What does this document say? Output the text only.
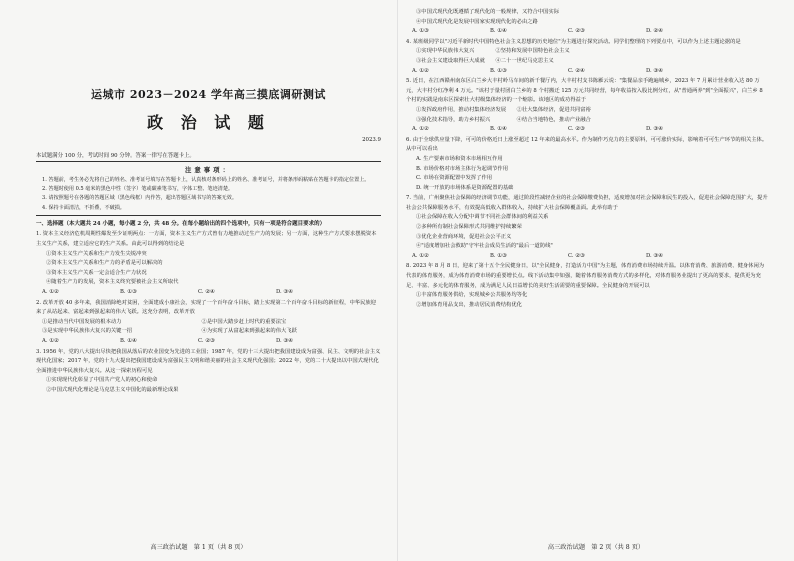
运城市 2023－2024 学年高三摸底调研测试
政 治 试 题
2023.9
本试题满分 100 分，考试时间 90 分钟。答案一律写在答题卡上。
注意事项：
1. 答题前，考生务必先将自己的姓名、准考证号填写在答题卡上，认真核对条形码上的姓名、准考证号，并将条形码粘贴在答题卡的指定位置上。
2. 答题时使用 0.5 毫米的黑色中性（签字）笔或碳素笔书写，字体工整、笔迹清楚。
3. 请按照题号在各题的答题区域（黑色线框）内作答，超出答题区域书写的答案无效。
4. 保持卡面清洁，不折叠，不破损。
一、选择题（本大题共 24 小题，每小题 2 分，共 48 分。在每小题给出的四个选项中，只有一项是符合题目要求的）
1. 资本主义经济危机周期性爆发至少证明两点：一方面，资本主义生产方式曾有力地推动过生产力的发展；另一方面，这种生产方式要求摆脱资本主义生产关系，建立适应它的生产关系。由此可以得到的结论是
①资本主义生产关系和生产力发生尖锐冲突
②资本主义生产关系和生产力的矛盾是可以解决的
③资本主义生产关系一定会适合生产力状况
④随着生产力的发展，资本主义终究要被社会主义所取代
A. ①②	B. ①③	C. ②④	D. ③④
2. 改革开放 40 多年来，我国消除绝对贫困，全面建成小康社会，实现了一个百年奋斗目标，踏上实现第二个百年奋斗目标的新征程，中华民族迎来了从站起来、富起来到强起来的伟大飞跃。这充分表明，改革开放
①是推动当代中国发展的根本动力	②是中国大踏步赶上时代的重要法宝
③是实现中华民族伟大复兴的关键一招	④为实现了从富起来到强起来的伟大飞跃
A. ①②	B. ①④	C. ②③	D. ③④
3. 1956 年，党的八大提出尽快把我国从落后的农业国变为先进的工业国；1987 年，党的十三大提出把我国建设成为富强、民主、文明的社会主义现代化国家；2017 年，党的十九大提出把我国建设成为富强民主文明和谐美丽的社会主义现代化强国；2022 年，党的二十大提出以中国式现代化全面推进中华民族伟大复兴。从这一探索历程可见
①实现现代化彰显了中国共产党人的初心和使命
②中国式现代化理论是马克思主义中国化的最新理论成果
高三政治试题　第 1 页（共 8 页）
③中国式现代化既遵循了现代化的一般规律，又符合中国实际
④中国式现代化是发展中国家实现现代化的必由之路
A. ①③	B. ①④	C. ②③	D. ②④
4. 某班级同学以"习近平新时代中国特色社会主义思想的历史地位"为主题进行探究活动。同学们整理的下列要点中，可以作为上述主题论据的是
①实现中华民族伟大复兴　　　　②坚持和发展中国特色社会主义
③社会主义建设取得巨大成就　　④二十一世纪马克思主义
A. ①②	B. ①③	C. ②④	D. ③④
5. 近日，在江西赣州南东区白兰乡大丰村岭马车间的新千餐厅内，大丰村村支书陈雁云说："集餐品亲手跑遍城乡，2023 年 7 月累计营业收入达 80 万元，大丰村分红净利 4 万元。"该村于量村团白兰乡的 8 个村搬迁 125 万元共同经营，每年收益按入股比例分红，从"普通两养"到"全面振兴"，白兰乡 8 个村的实践是南东区探索壮大村级集体经济的一个缩影。该地区的成功得益于
①发挥政府作用，推动村集体经济发展　　②壮大集体经济，促进共同富裕
③强化技术指导，助力乡村振兴　　　　　④结合当地特色，推动产业融合
A. ①②	B. ①④	C. ②③	D. ③④
6. 由于全球供应量下降，可可的价格近日上涨至超过 12 年来的最高水平。作为制作巧克力的主要原料，可可涨价实际，影响着可可生产环节的相关主体。从中可以看出
A. 生产要素市场和资本市场相互作用
B. 市场价格对市场主体行为起调节作用
C. 市场在资源配置中发挥了作用
D. 统一开放的市场体系是资源配置的基础
7. 当前，广州聚焦社会保障的经济调节功能，通过阶段性减轻企业的社会保障缴费负担，适度增加对社会保障和民生的投入，促进社会保障范围扩大，提升社会公共保障服务水平，有效提高低收入群体收入，持续扩大社会保障覆盖面。此举有助于
①社会保障在收入分配中调节不同社会群体间的利益关系
②多种所有制社会保障形式共同维护持续繁荣
③优化企业营商环境，促进社会公平正义
④"适度增加社会救助"守牢社会成员生活的"最后一道防线"
A. ①②	B. ①③	C. ②③	D. ③④
8. 2023 年 8 月 8 日，迎来了第十五个全民健身日，以"全民健身，打造活力中国"为主题，体育消费市场持续升温。以体育消费、旅游消费、健身休闲为代表的体育服务，成为体育消费市场的重要增长点。线下活动集中如强，随着体育服务消费方式的多样化，对体育服务业提出了更高的要求，提供更为充足、丰富、多元化的体育服务，成为满足人民日益增长的美好生活需要的重要保障。全民健身的开展可以
①丰富体育服务供给，实现城乡公共服务均等化
②增加体育用品支出，推动居民消费结构优化
高三政治试题　第 2 页（共 8 页）
